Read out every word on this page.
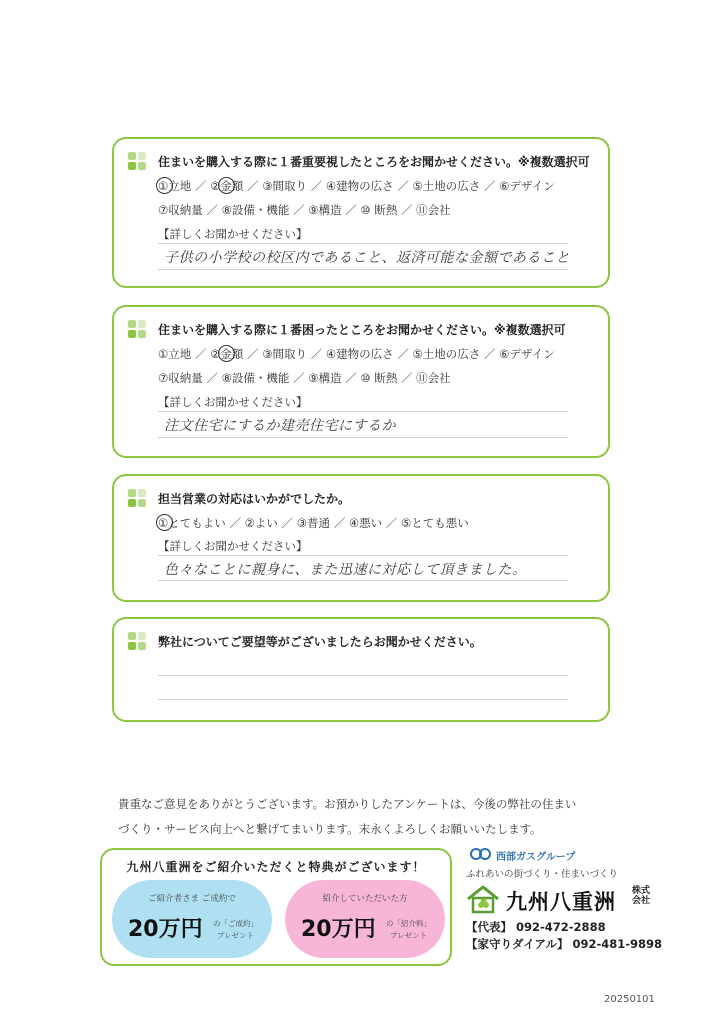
住まいを購入する際に１番重要視したところをお聞かせください。※複数選択可
①立地 ／ ②金額 ／ ③間取り ／ ④建物の広さ ／ ⑤土地の広さ ／ ⑥デザイン
⑦収納量 ／ ⑧設備・機能 ／ ⑨構造 ／ ⑩ 断熱 ／ ⑪会社
【詳しくお聞かせください】
子供の小学校の校区内であること、返済可能な金額であること
住まいを購入する際に１番困ったところをお聞かせください。※複数選択可
①立地 ／ ②金額 ／ ③間取り ／ ④建物の広さ ／ ⑤土地の広さ ／ ⑥デザイン
⑦収納量 ／ ⑧設備・機能 ／ ⑨構造 ／ ⑩ 断熱 ／ ⑪会社
【詳しくお聞かせください】
注文住宅にするか建売住宅にするか
担当営業の対応はいかがでしたか。
①とてもよい ／ ②よい ／ ③普通 ／ ④悪い ／ ⑤とても悪い
【詳しくお聞かせください】
色々なことに親身に、また迅速に対応して頂きました。
弊社についてご要望等がございましたらお聞かせください。
貴重なご意見をありがとうございます。お預かりしたアンケートは、今後の弊社の住まい
づくり・サービス向上へと繋げてまいります。末永くよろしくお願いいたします。
九州八重洲をご紹介いただくと特典がございます！
ご紹介者さま ご成約で
20万円 の「ご成約」
プレゼント
紹介していただいた方
20万円 の「紹介料」
プレゼント
西部ガスグループ
ふれあいの街づくり・住まいづくり
九州八重洲 株式会社
【代表】 092-472-2888
【家守りダイアル】 092-481-9898
20250101
